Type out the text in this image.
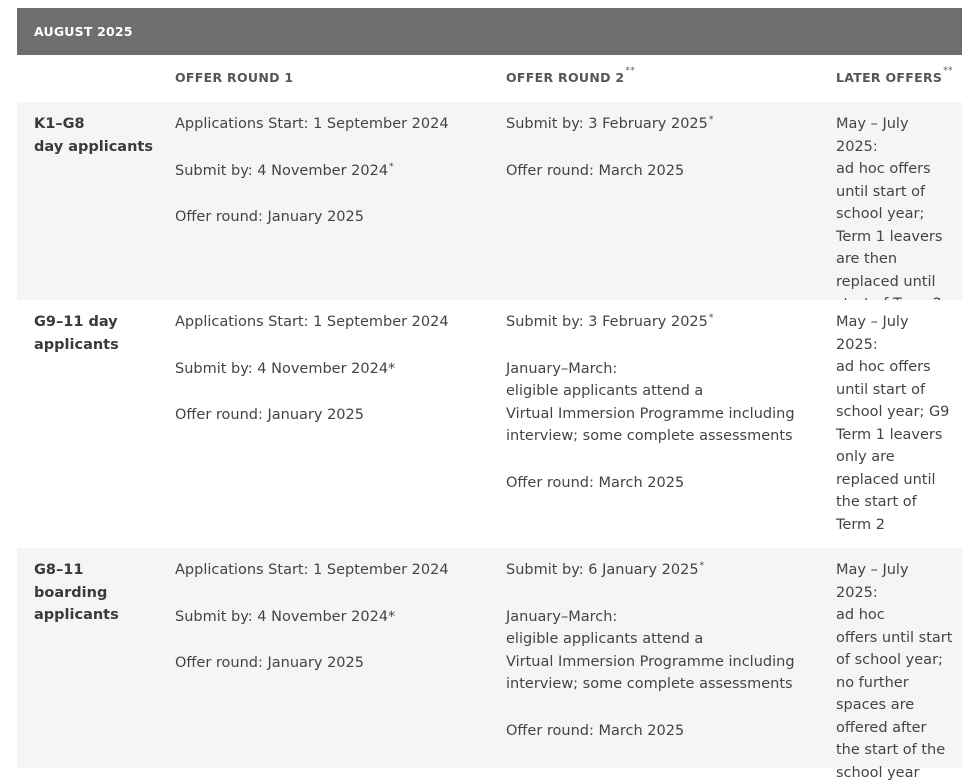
AUGUST 2025
OFFER ROUND 1	OFFER ROUND 2**	LATER OFFERS**
K1–G8
day applicants
Applications Start: 1 September 2024
Submit by: 4 November 2024*
Offer round: January 2025
Submit by: 3 February 2025*
Offer round: March 2025
May – July 2025:
ad hoc offers
until start of
school year;
Term 1 leavers
are then
replaced until
G9–11 day
applicants
Applications Start: 1 September 2024
Submit by: 4 November 2024*
Offer round: January 2025
Submit by: 3 February 2025*
January–March:
eligible applicants attend a
Virtual Immersion Programme including
interview; some complete assessments
Offer round: March 2025
May – July 2025:
ad hoc offers
until start of
school year; G9
Term 1 leavers
only are
replaced until
the start of
Term 2
G8–11
boarding
applicants
Applications Start: 1 September 2024
Submit by: 4 November 2024*
Offer round: January 2025
Submit by: 6 January 2025*
January–March:
eligible applicants attend a
Virtual Immersion Programme including
interview; some complete assessments
Offer round: March 2025
May – July 2025:
ad hoc
offers until start
of school year;
no further
spaces are
offered after
the start of the
school year
